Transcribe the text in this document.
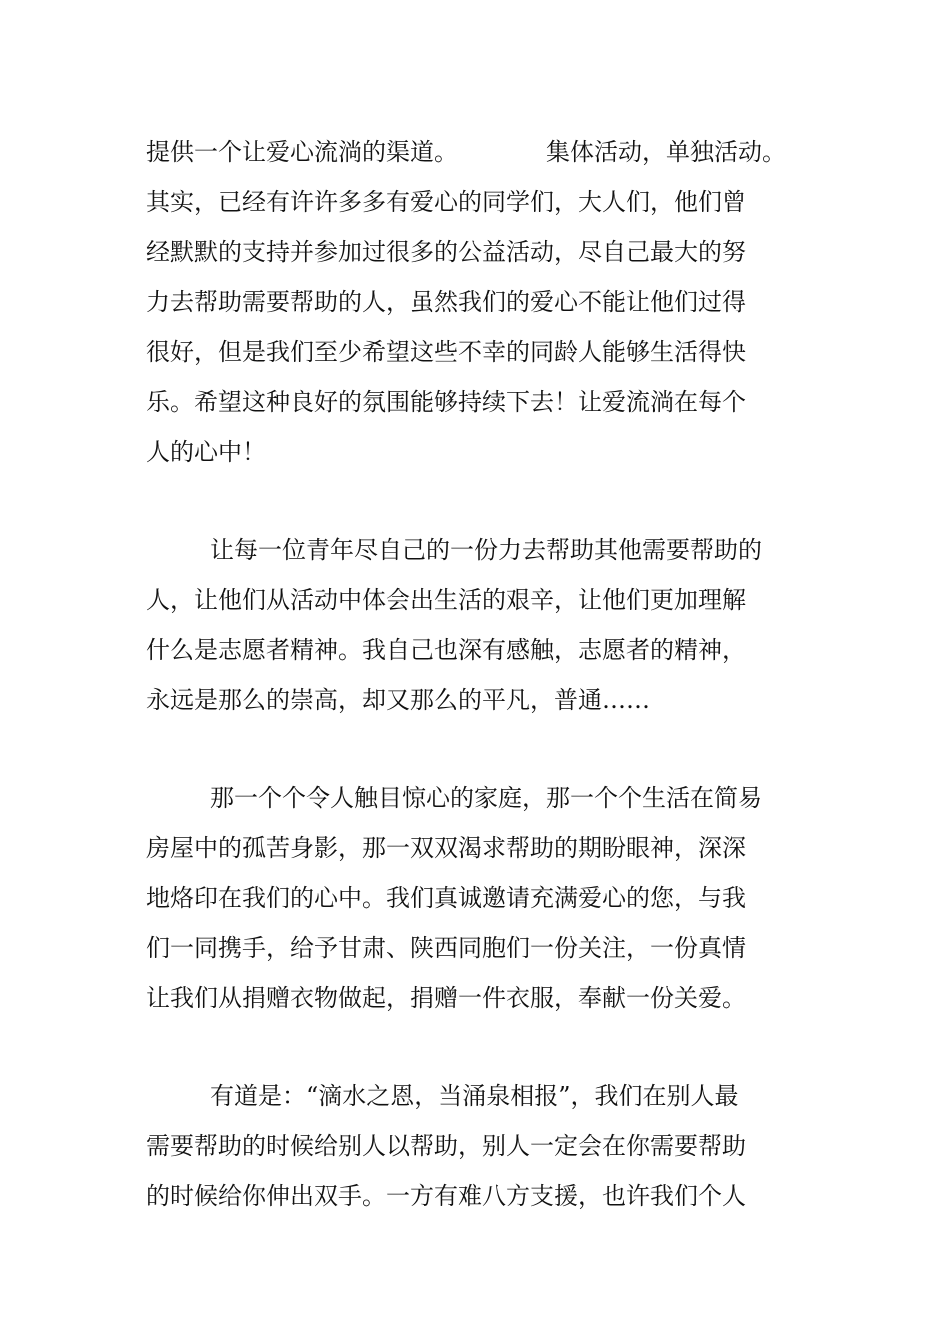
提供一个让爱心流淌的渠道。	集体活动，单独活动。
其实，已经有许许多多有爱心的同学们，大人们，他们曾
经默默的支持并参加过很多的公益活动，尽自己最大的努
力去帮助需要帮助的人，虽然我们的爱心不能让他们过得
很好，但是我们至少希望这些不幸的同龄人能够生活得快
乐。希望这种良好的氛围能够持续下去！让爱流淌在每个
人的心中！
让每一位青年尽自己的一份力去帮助其他需要帮助的
人，让他们从活动中体会出生活的艰辛，让他们更加理解
什么是志愿者精神。我自己也深有感触，志愿者的精神，
永远是那么的崇高，却又那么的平凡，普通……
那一个个令人触目惊心的家庭，那一个个生活在简易
房屋中的孤苦身影，那一双双渴求帮助的期盼眼神，深深
地烙印在我们的心中。我们真诚邀请充满爱心的您，与我
们一同携手，给予甘肃、陕西同胞们一份关注，一份真情
让我们从捐赠衣物做起，捐赠一件衣服，奉献一份关爱。
有道是：“滴水之恩，当涌泉相报”，我们在别人最
需要帮助的时候给别人以帮助，别人一定会在你需要帮助
的时候给你伸出双手。一方有难八方支援，也许我们个人
